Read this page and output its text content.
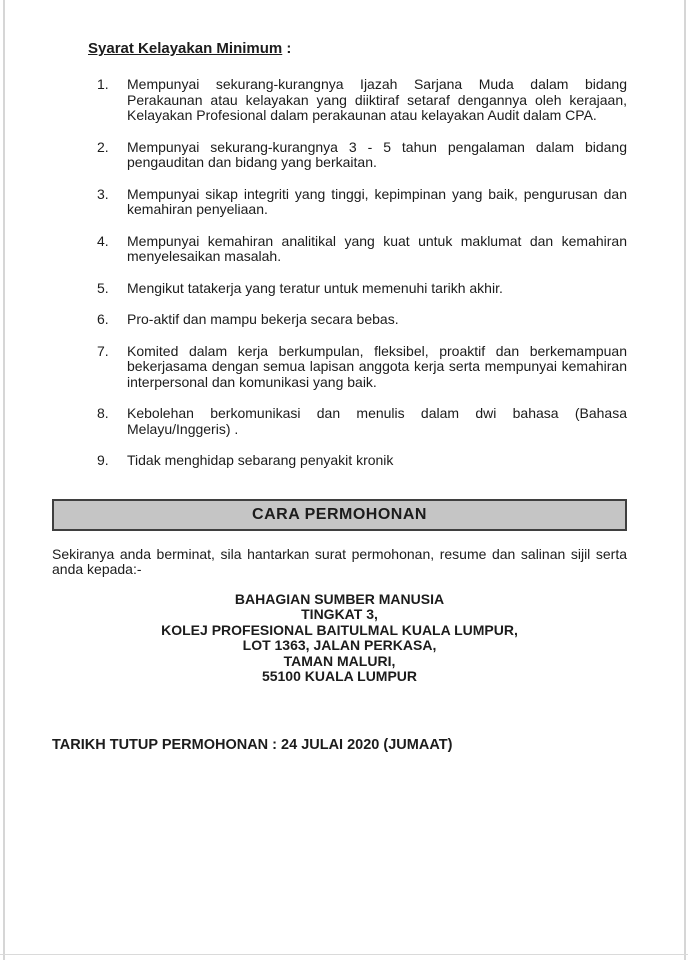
Syarat Kelayakan Minimum :
1.	Mempunyai sekurang-kurangnya Ijazah Sarjana Muda dalam bidang Perakaunan atau kelayakan yang diiktiraf setaraf dengannya oleh kerajaan, Kelayakan Profesional dalam perakaunan atau kelayakan Audit dalam CPA.
2.	Mempunyai sekurang-kurangnya 3 - 5 tahun pengalaman dalam bidang pengauditan dan bidang yang berkaitan.
3.	Mempunyai sikap integriti yang tinggi, kepimpinan yang baik, pengurusan dan kemahiran penyeliaan.
4.	Mempunyai kemahiran analitikal yang kuat untuk maklumat dan kemahiran menyelesaikan masalah.
5.	Mengikut tatakerja yang teratur untuk memenuhi tarikh akhir.
6.	Pro-aktif dan mampu bekerja secara bebas.
7.	Komited dalam kerja berkumpulan, fleksibel, proaktif dan berkemampuan bekerjasama dengan semua lapisan anggota kerja serta mempunyai kemahiran interpersonal dan komunikasi yang baik.
8.	Kebolehan berkomunikasi dan menulis dalam dwi bahasa (Bahasa Melayu/Inggeris) .
9.	Tidak menghidap sebarang penyakit kronik
CARA PERMOHONAN
Sekiranya anda berminat, sila hantarkan surat permohonan, resume dan salinan sijil serta anda kepada:-
BAHAGIAN SUMBER MANUSIA
TINGKAT 3,
KOLEJ PROFESIONAL BAITULMAL KUALA LUMPUR,
LOT 1363, JALAN PERKASA,
TAMAN MALURI,
55100 KUALA LUMPUR
TARIKH TUTUP PERMOHONAN : 24 JULAI 2020 (JUMAAT)
